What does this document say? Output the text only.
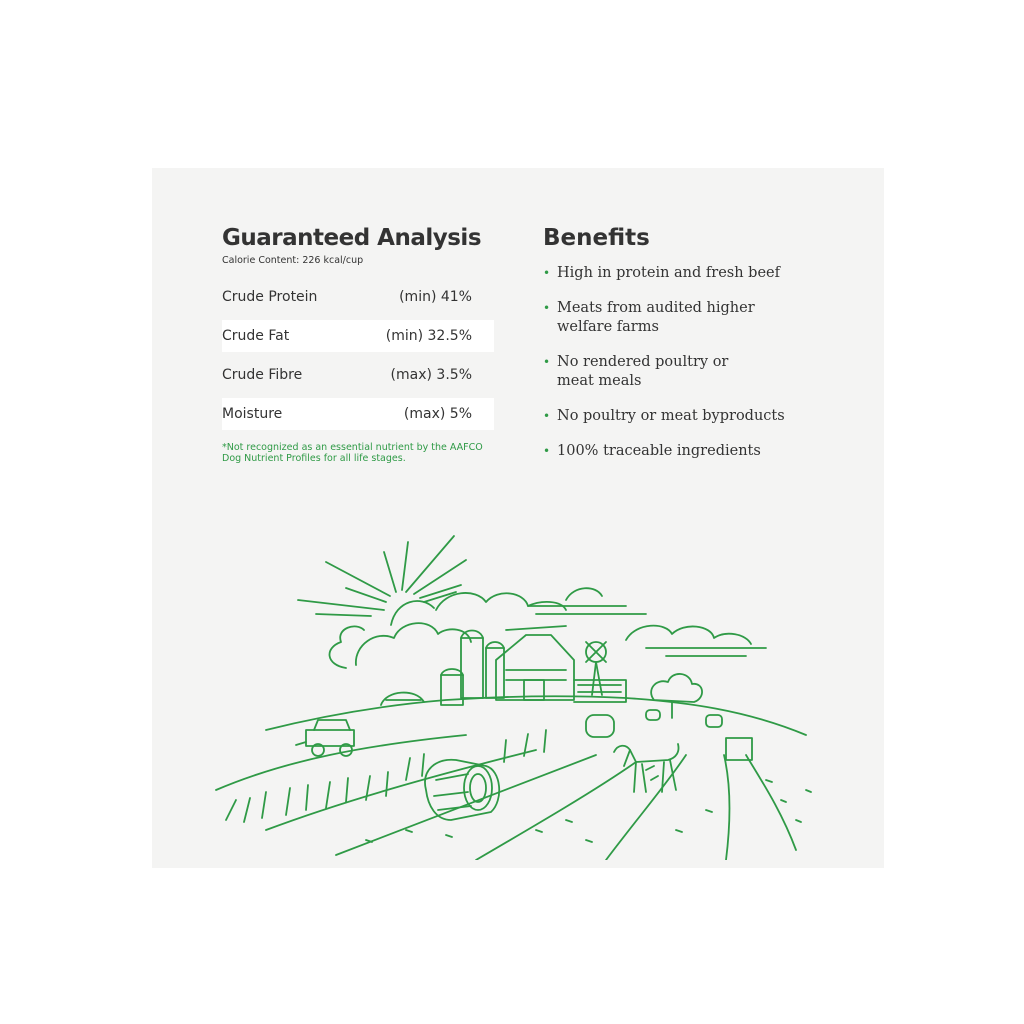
Guaranteed Analysis
Calorie Content: 226 kcal/cup
Crude Protein	(min) 41%
Crude Fat	(min) 32.5%
Crude Fibre	(max) 3.5%
Moisture	(max) 5%
*Not recognized as an essential nutrient by the AAFCO Dog Nutrient Profiles for all life stages.
Benefits
• High in protein and fresh beef
• Meats from audited higher welfare farms
• No rendered poultry or meat meals
• No poultry or meat byproducts
• 100% traceable ingredients
